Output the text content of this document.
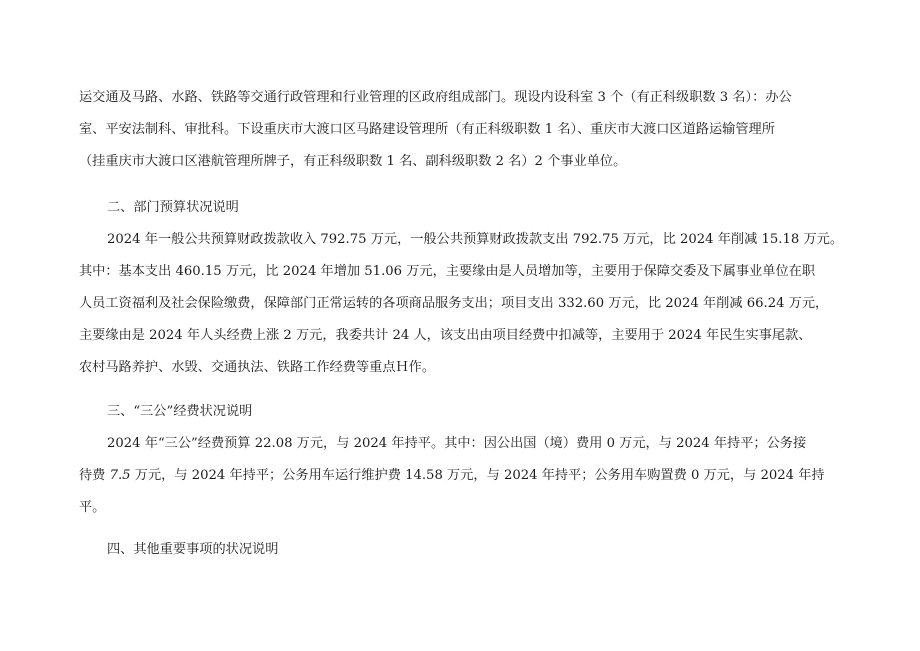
运交通及马路、水路、铁路等交通行政管理和行业管理的区政府组成部门。现设内设科室 3 个（有正科级职数 3 名）：办公
室、平安法制科、审批科。下设重庆市大渡口区马路建设管理所（有正科级职数 1 名）、重庆市大渡口区道路运输管理所
（挂重庆市大渡口区港航管理所牌子，有正科级职数 1 名、副科级职数 2 名）2 个事业单位。
二、部门预算状况说明
2024 年一般公共预算财政拨款收入 792.75 万元，一般公共预算财政拨款支出 792.75 万元，比 2024 年削减 15.18 万元。
其中：基本支出 460.15 万元，比 2024 年增加 51.06 万元，主要缘由是人员增加等，主要用于保障交委及下属事业单位在职
人员工资福利及社会保险缴费，保障部门正常运转的各项商品服务支出；项目支出 332.60 万元，比 2024 年削减 66.24 万元，
主要缘由是 2024 年人头经费上涨 2 万元，我委共计 24 人，该支出由项目经费中扣减等，主要用于 2024 年民生实事尾款、
农村马路养护、水毁、交通执法、铁路工作经费等重点Ｈ作。
三、“三公”经费状况说明
2024 年“三公”经费预算 22.08 万元，与 2024 年持平。其中：因公出国（境）费用 0 万元，与 2024 年持平；公务接
待费 7.5 万元，与 2024 年持平；公务用车运行维护费 14.58 万元，与 2024 年持平；公务用车购置费 0 万元，与 2024 年持
平。
四、其他重要事项的状况说明
